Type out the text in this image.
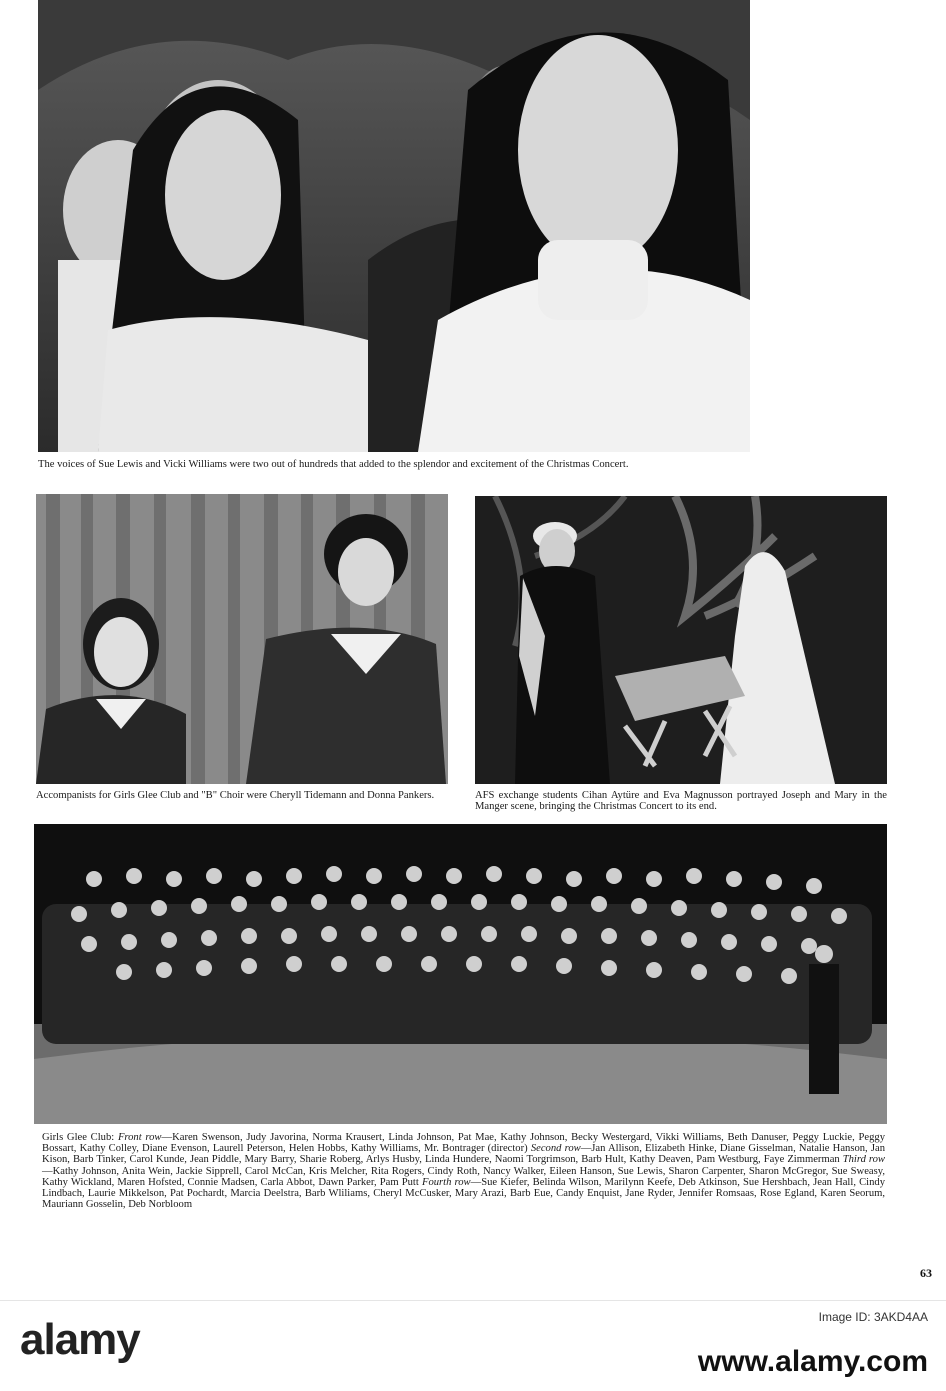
The voices of Sue Lewis and Vicki Williams were two out of hundreds that added to the splendor and excitement of the Christmas Concert.

Accompanists for Girls Glee Club and "B" Choir were Cheryll Tidemann and Donna Pankers.	AFS exchange students Cihan Aytüre and Eva Magnusson portrayed Joseph and Mary in the Manger scene, bringing the Christmas Concert to its end.

Girls Glee Club: Front row—Karen Swenson, Judy Javorina, Norma Krausert, Linda Johnson, Pat Mae, Kathy Johnson, Becky Westergard, Vikki Williams, Beth Danuser, Peggy Luckie, Peggy Bossart, Kathy Colley, Diane Evenson, Laurell Peterson, Helen Hobbs, Kathy Williams, Mr. Bontrager (director) Second row—Jan Allison, Elizabeth Hinke, Diane Gisselman, Natalie Hanson, Jan Kison, Barb Tinker, Carol Kunde, Jean Piddle, Mary Barry, Sharie Roberg, Arlys Husby, Linda Hundere, Naomi Torgrimson, Barb Hult, Kathy Deaven, Pam Westburg, Faye Zimmerman Third row—Kathy Johnson, Anita Wein, Jackie Sipprell, Carol McCan, Kris Melcher, Rita Rogers, Cindy Roth, Nancy Walker, Eileen Hanson, Sue Lewis, Sharon Carpenter, Sharon McGregor, Sue Sweasy, Kathy Wickland, Maren Hofsted, Connie Madsen, Carla Abbot, Dawn Parker, Pam Putt Fourth row—Sue Kiefer, Belinda Wilson, Marilynn Keefe, Deb Atkinson, Sue Hershbach, Jean Hall, Cindy Lindbach, Laurie Mikkelson, Pat Pochardt, Marcia Deelstra, Barb Wliliams, Cheryl McCusker, Mary Arazi, Barb Eue, Candy Enquist, Jane Ryder, Jennifer Romsaas, Rose Egland, Karen Seorum, Mauriann Gosselin, Deb Norbloom

63
alamy	Image ID: 3AKD4AA
www.alamy.com
